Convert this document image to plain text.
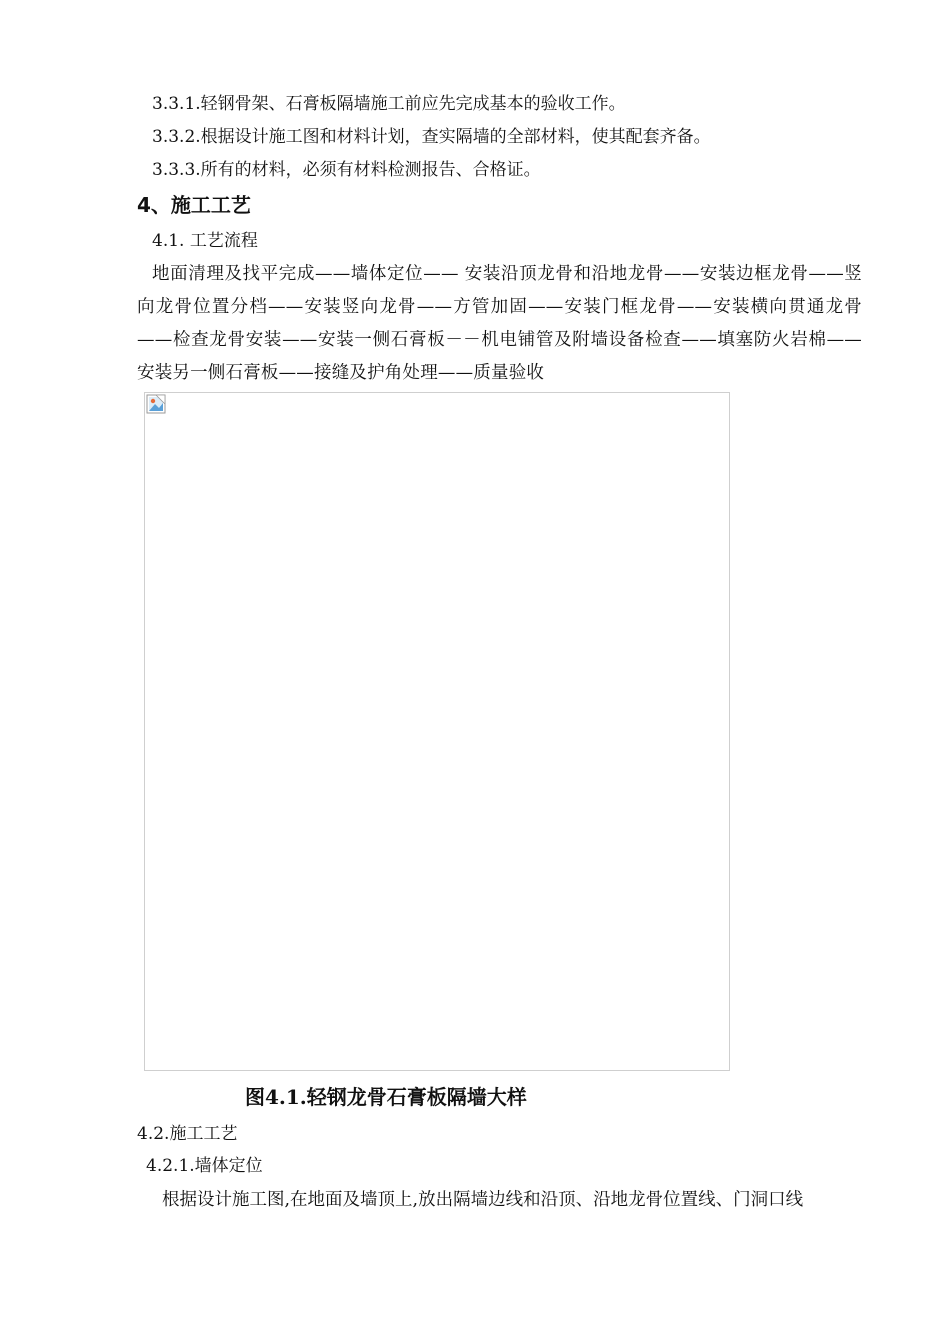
3.3.1.轻钢骨架、石膏板隔墙施工前应先完成基本的验收工作。
3.3.2.根据设计施工图和材料计划，查实隔墙的全部材料，使其配套齐备。
3.3.3.所有的材料，必须有材料检测报告、合格证。
4、施工工艺
4.1. 工艺流程
地面清理及找平完成——墙体定位—— 安装沿顶龙骨和沿地龙骨——安装边框龙骨——竖向龙骨位置分档——安装竖向龙骨——方管加固——安装门框龙骨——安装横向贯通龙骨——检查龙骨安装——安装一侧石膏板－－机电铺管及附墙设备检查——填塞防火岩棉——安装另一侧石膏板——接缝及护角处理——质量验收
图4.1.轻钢龙骨石膏板隔墙大样
4.2.施工工艺
4.2.1.墙体定位
根据设计施工图,在地面及墙顶上,放出隔墙边线和沿顶、沿地龙骨位置线、门洞口线
